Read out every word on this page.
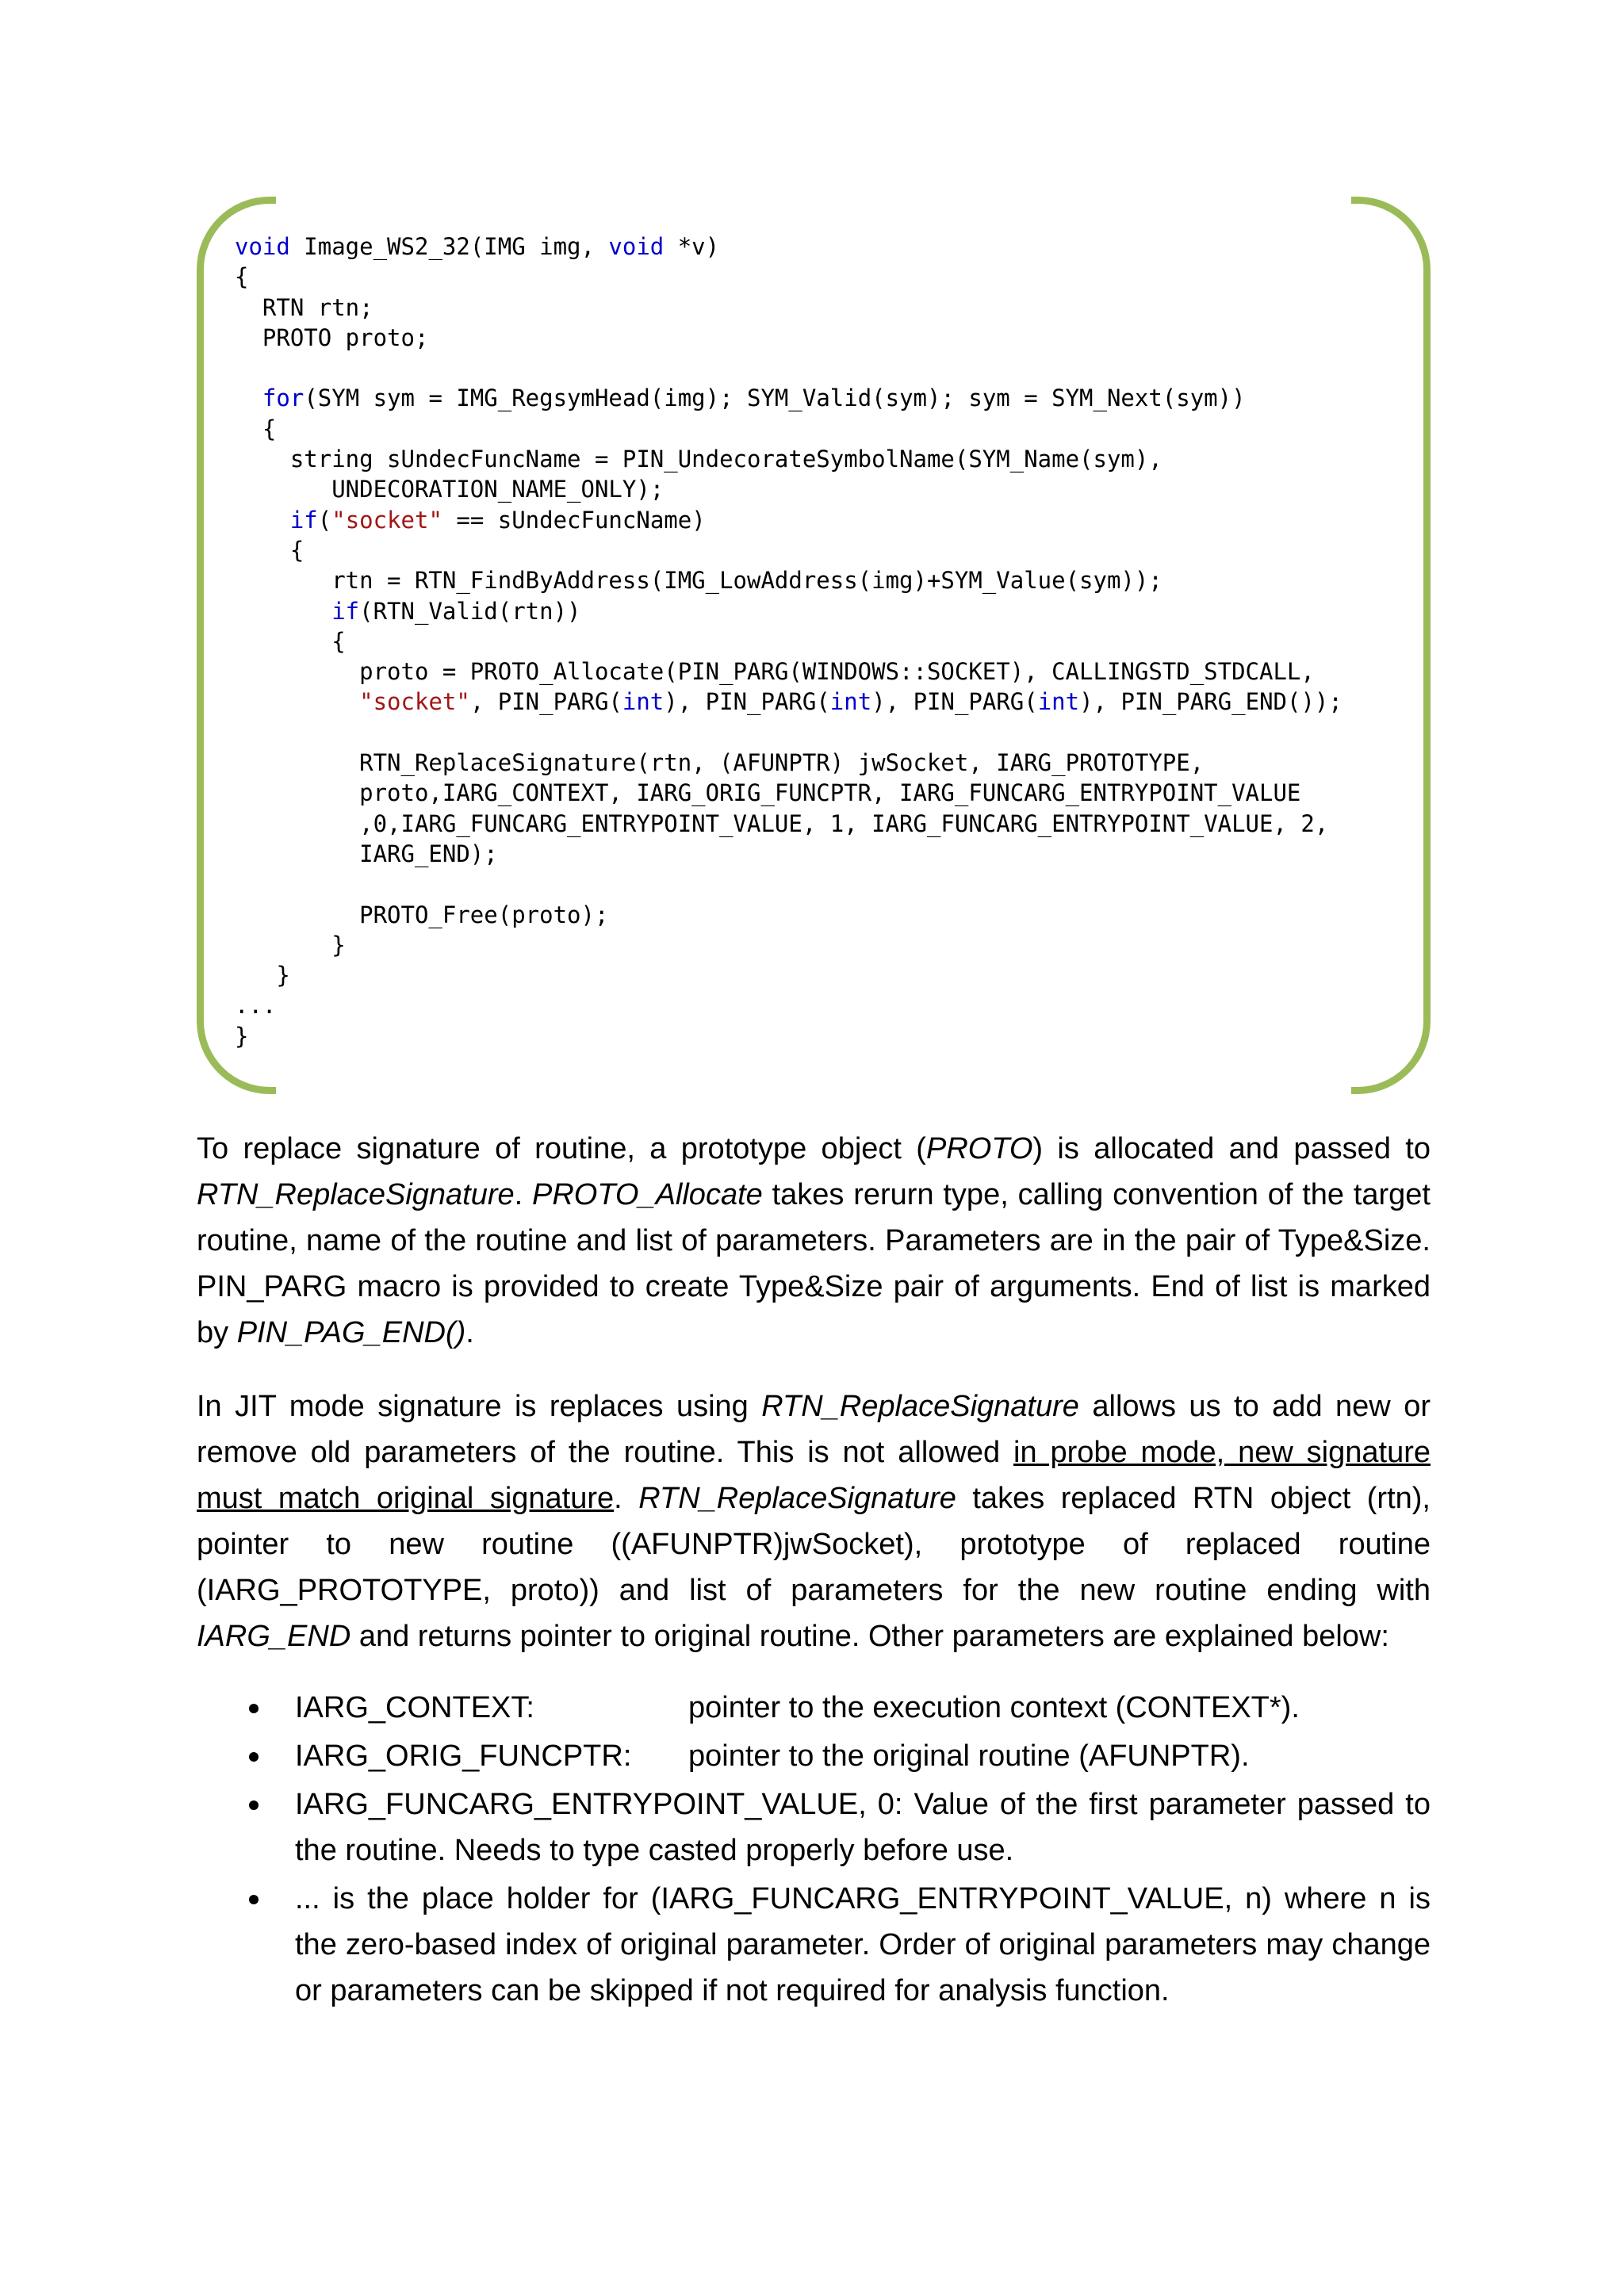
void Image_WS2_32(IMG img, void *v)
{
RTN rtn;
PROTO proto;

for(SYM sym = IMG_RegsymHead(img); SYM_Valid(sym); sym = SYM_Next(sym))
{
string sUndecFuncName = PIN_UndecorateSymbolName(SYM_Name(sym),
UNDECORATION_NAME_ONLY);
if("socket" == sUndecFuncName)
{
rtn = RTN_FindByAddress(IMG_LowAddress(img)+SYM_Value(sym));
if(RTN_Valid(rtn))
{
proto = PROTO_Allocate(PIN_PARG(WINDOWS::SOCKET), CALLINGSTD_STDCALL,
"socket", PIN_PARG(int), PIN_PARG(int), PIN_PARG(int), PIN_PARG_END());

RTN_ReplaceSignature(rtn, (AFUNPTR) jwSocket, IARG_PROTOTYPE,
proto,IARG_CONTEXT, IARG_ORIG_FUNCPTR, IARG_FUNCARG_ENTRYPOINT_VALUE
,0,IARG_FUNCARG_ENTRYPOINT_VALUE, 1, IARG_FUNCARG_ENTRYPOINT_VALUE, 2,
IARG_END);

PROTO_Free(proto);
}
}
...
}

To replace signature of routine, a prototype object (PROTO) is allocated and passed to RTN_ReplaceSignature. PROTO_Allocate takes rerurn type, calling convention of the target routine, name of the routine and list of parameters. Parameters are in the pair of Type&Size. PIN_PARG macro is provided to create Type&Size pair of arguments. End of list is marked by PIN_PAG_END().

In JIT mode signature is replaces using RTN_ReplaceSignature allows us to add new or remove old parameters of the routine. This is not allowed in probe mode, new signature must match original signature. RTN_ReplaceSignature takes replaced RTN object (rtn), pointer to new routine ((AFUNPTR)jwSocket), prototype of replaced routine (IARG_PROTOTYPE, proto)) and list of parameters for the new routine ending with IARG_END and returns pointer to original routine. Other parameters are explained below:

IARG_CONTEXT:	pointer to the execution context (CONTEXT*).
IARG_ORIG_FUNCPTR: pointer to the original routine (AFUNPTR).
IARG_FUNCARG_ENTRYPOINT_VALUE, 0: Value of the first parameter passed to the routine. Needs to type casted properly before use.
... is the place holder for (IARG_FUNCARG_ENTRYPOINT_VALUE, n) where n is the zero-based index of original parameter. Order of original parameters may change or parameters can be skipped if not required for analysis function.
